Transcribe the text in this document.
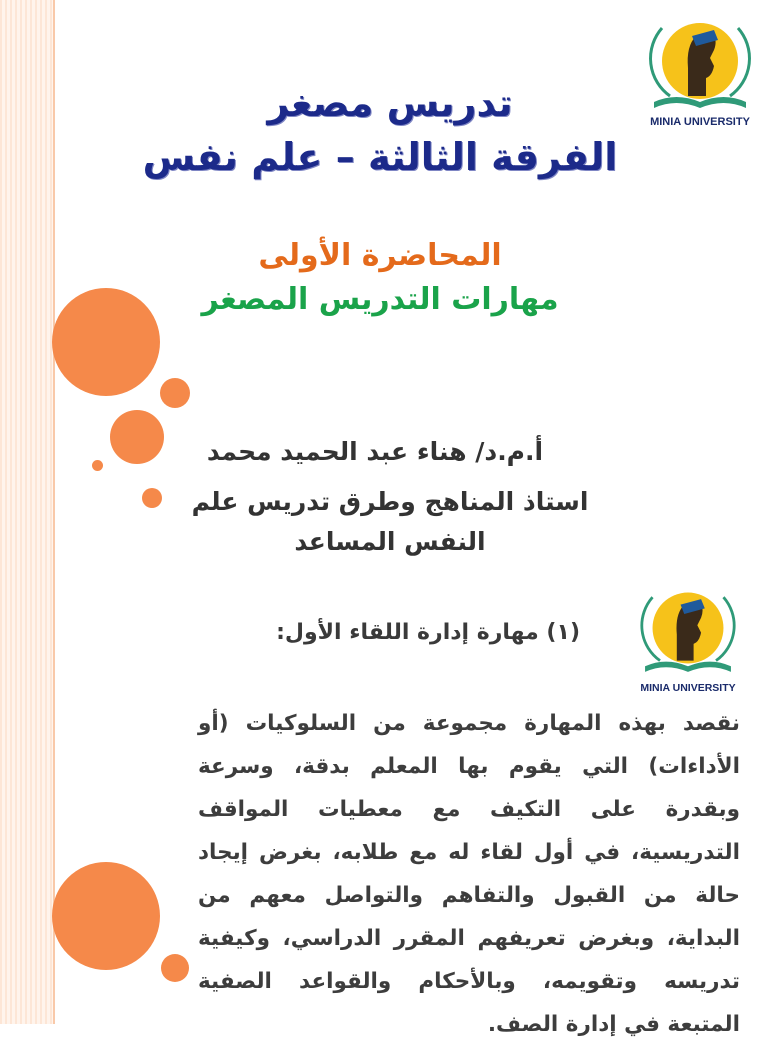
MINIA UNIVERSITY
تدريس مصغر
الفرقة الثالثة – علم نفس
المحاضرة الأولى
مهارات التدريس المصغر
أ.م.د/ هناء عبد الحميد محمد
استاذ المناهج وطرق تدريس علم النفس المساعد
MINIA UNIVERSITY
(١) مهارة إدارة اللقاء الأول:

نقصد بهذه المهارة مجموعة من السلوكيات (أو الأداءات) التي يقوم بها المعلم بدقة، وسرعة وبقدرة على التكيف مع معطيات المواقف التدريسية، في أول لقاء له مع طلابه، بغرض إيجاد حالة من القبول والتفاهم والتواصل معهم من البداية، وبغرض تعريفهم المقرر الدراسي، وكيفية تدريسه وتقويمه، وبالأحكام والقواعد الصفية المتبعة في إدارة الصف.
